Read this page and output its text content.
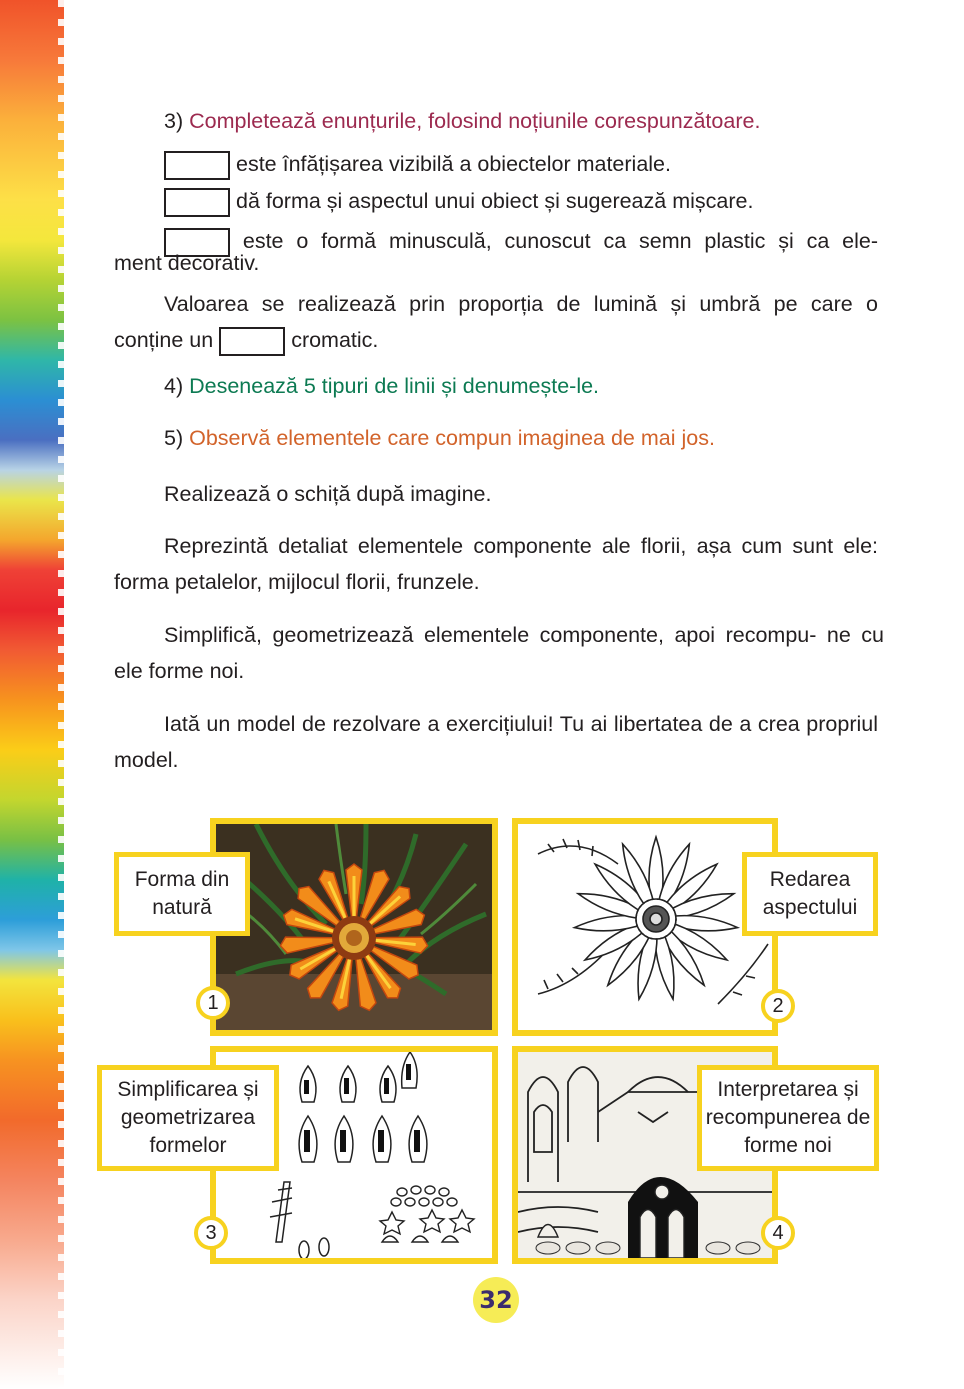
3) Completează enunțurile, folosind noțiunile corespunzătoare.
este înfățișarea vizibilă a obiectelor materiale.
dă forma și aspectul unui obiect și sugerează mișcare.
este o formă minusculă, cunoscut ca semn plastic și ca ele-
ment decorativ.
Valoarea se realizează prin proporția de lumină și umbră pe care o
conține un	cromatic.
4) Desenează 5 tipuri de linii și denumește-le.
5) Observă elementele care compun imaginea de mai jos.
Realizează o schiță după imagine.
Reprezintă detaliat elementele componente ale florii, așa cum sunt ele: forma petalelor, mijlocul florii, frunzele.
Simplifică, geometrizează elementele componente, apoi recompu- ne cu ele forme noi.
Iată un model de rezolvare a exercițiului! Tu ai libertatea de a crea propriul model.
Forma din natură
1
Redarea aspectului
2
Simplificarea și geometrizarea formelor
3
Interpretarea și recompunerea de forme noi
4
32
